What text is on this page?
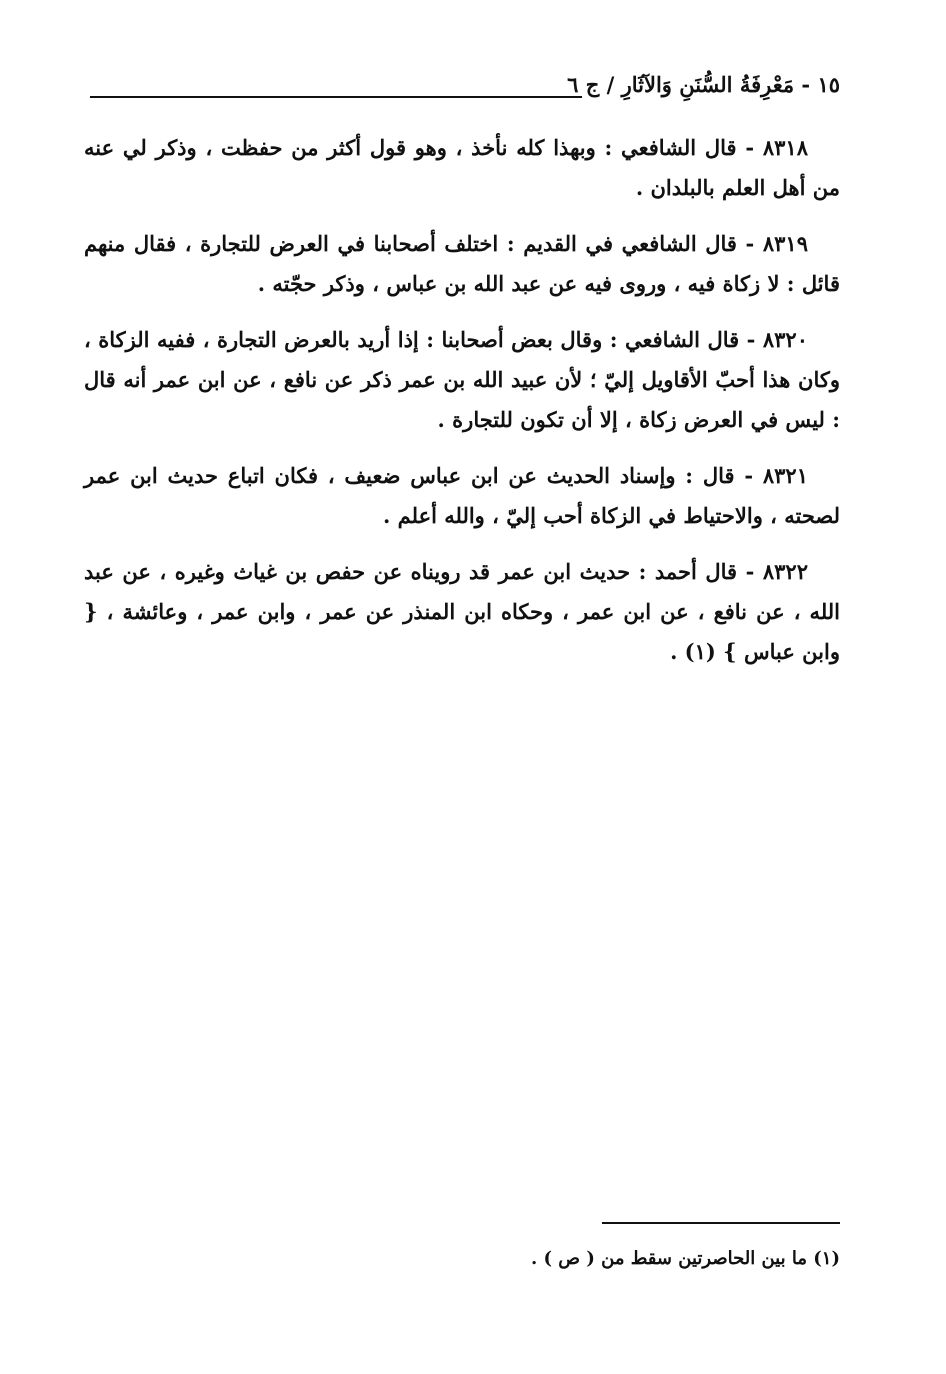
١٥ - مَعْرِفَةُ السُّنَنِ وَالآثَارِ / ج ٦

٨٣١٨ - قال الشافعي : وبهذا كله نأخذ ، وهو قول أكثر من حفظت ، وذكر لي عنه من أهل العلم بالبلدان .

٨٣١٩ - قال الشافعي في القديم : اختلف أصحابنا في العرض للتجارة ، فقال منهم قائل : لا زكاة فيه ، وروى فيه عن عبد الله بن عباس ، وذكر حجّته .

٨٣٢٠ - قال الشافعي : وقال بعض أصحابنا : إذا أريد بالعرض التجارة ، ففيه الزكاة ، وكان هذا أحبّ الأقاويل إليّ ؛ لأن عبيد الله بن عمر ذكر عن نافع ، عن ابن عمر أنه قال : ليس في العرض زكاة ، إلا أن تكون للتجارة .

٨٣٢١ - قال : وإسناد الحديث عن ابن عباس ضعيف ، فكان اتباع حديث ابن عمر لصحته ، والاحتياط في الزكاة أحب إليّ ، والله أعلم .

٨٣٢٢ - قال أحمد : حديث ابن عمر قد رويناه عن حفص بن غياث وغيره ، عن عبد الله ، عن نافع ، عن ابن عمر ، وحكاه ابن المنذر عن عمر ، وابن عمر ، وعائشة ، { وابن عباس } (١) .

(١) ما بين الحاصرتين سقط من ( ص ) .
